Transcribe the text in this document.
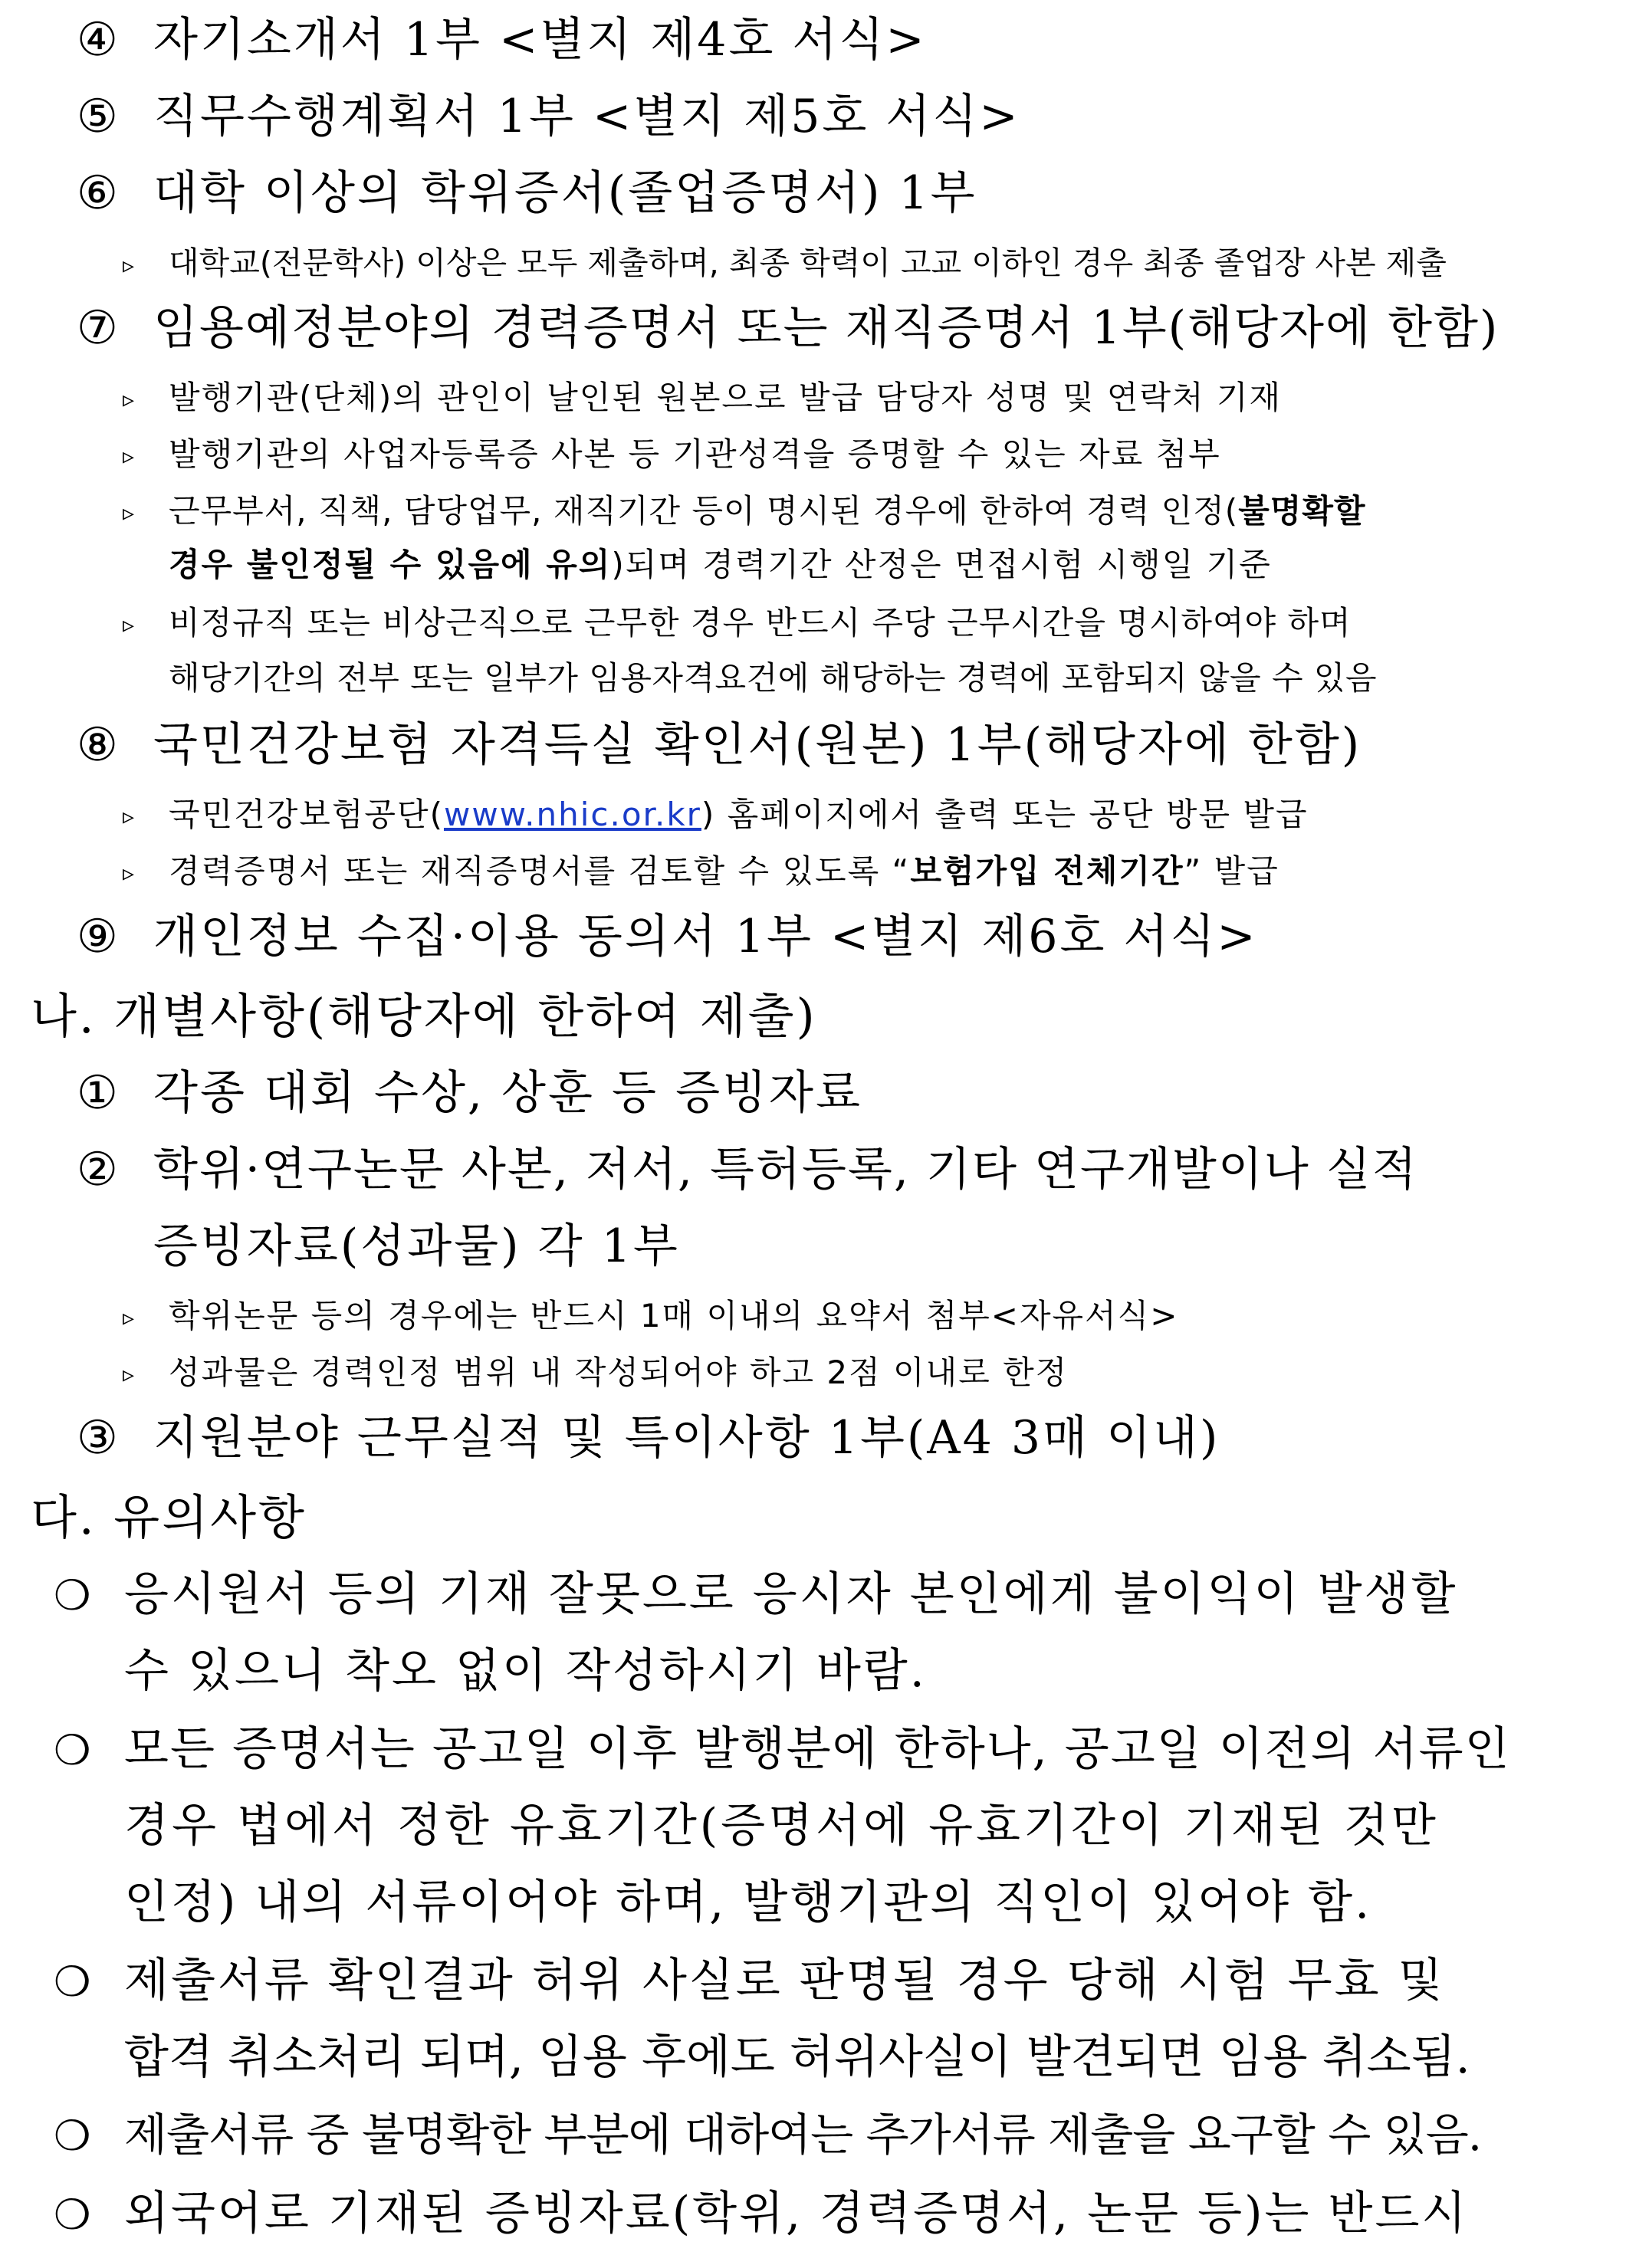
④ 자기소개서 1부 <별지 제4호 서식>
⑤ 직무수행계획서 1부 <별지 제5호 서식>
⑥ 대학 이상의 학위증서(졸업증명서) 1부
▹ 대학교(전문학사) 이상은 모두 제출하며, 최종 학력이 고교 이하인 경우 최종 졸업장 사본 제출
⑦ 임용예정분야의 경력증명서 또는 재직증명서 1부(해당자에 한함)
▹ 발행기관(단체)의 관인이 날인된 원본으로 발급 담당자 성명 및 연락처 기재
▹ 발행기관의 사업자등록증 사본 등 기관성격을 증명할 수 있는 자료 첨부
▹ 근무부서, 직책, 담당업무, 재직기간 등이 명시된 경우에 한하여 경력 인정(불명확할
경우 불인정될 수 있음에 유의)되며 경력기간 산정은 면접시험 시행일 기준
▹ 비정규직 또는 비상근직으로 근무한 경우 반드시 주당 근무시간을 명시하여야 하며
해당기간의 전부 또는 일부가 임용자격요건에 해당하는 경력에 포함되지 않을 수 있음
⑧ 국민건강보험 자격득실 확인서(원본) 1부(해당자에 한함)
▹ 국민건강보험공단(www.nhic.or.kr) 홈페이지에서 출력 또는 공단 방문 발급
▹ 경력증명서 또는 재직증명서를 검토할 수 있도록 “보험가입 전체기간” 발급
⑨ 개인정보 수집·이용 동의서 1부 <별지 제6호 서식>
나. 개별사항(해당자에 한하여 제출)
① 각종 대회 수상, 상훈 등 증빙자료
② 학위·연구논문 사본, 저서, 특허등록, 기타 연구개발이나 실적
증빙자료(성과물) 각 1부
▹ 학위논문 등의 경우에는 반드시 1매 이내의 요약서 첨부<자유서식>
▹ 성과물은 경력인정 범위 내 작성되어야 하고 2점 이내로 한정
③ 지원분야 근무실적 및 특이사항 1부(A4 3매 이내)
다. 유의사항
❍ 응시원서 등의 기재 잘못으로 응시자 본인에게 불이익이 발생할
수 있으니 착오 없이 작성하시기 바람.
❍ 모든 증명서는 공고일 이후 발행분에 한하나, 공고일 이전의 서류인
경우 법에서 정한 유효기간(증명서에 유효기간이 기재된 것만
인정) 내의 서류이어야 하며, 발행기관의 직인이 있어야 함.
❍ 제출서류 확인결과 허위 사실로 판명될 경우 당해 시험 무효 및
합격 취소처리 되며, 임용 후에도 허위사실이 발견되면 임용 취소됨.
❍ 제출서류 중 불명확한 부분에 대하여는 추가서류 제출을 요구할 수 있음.
❍ 외국어로 기재된 증빙자료(학위, 경력증명서, 논문 등)는 반드시
